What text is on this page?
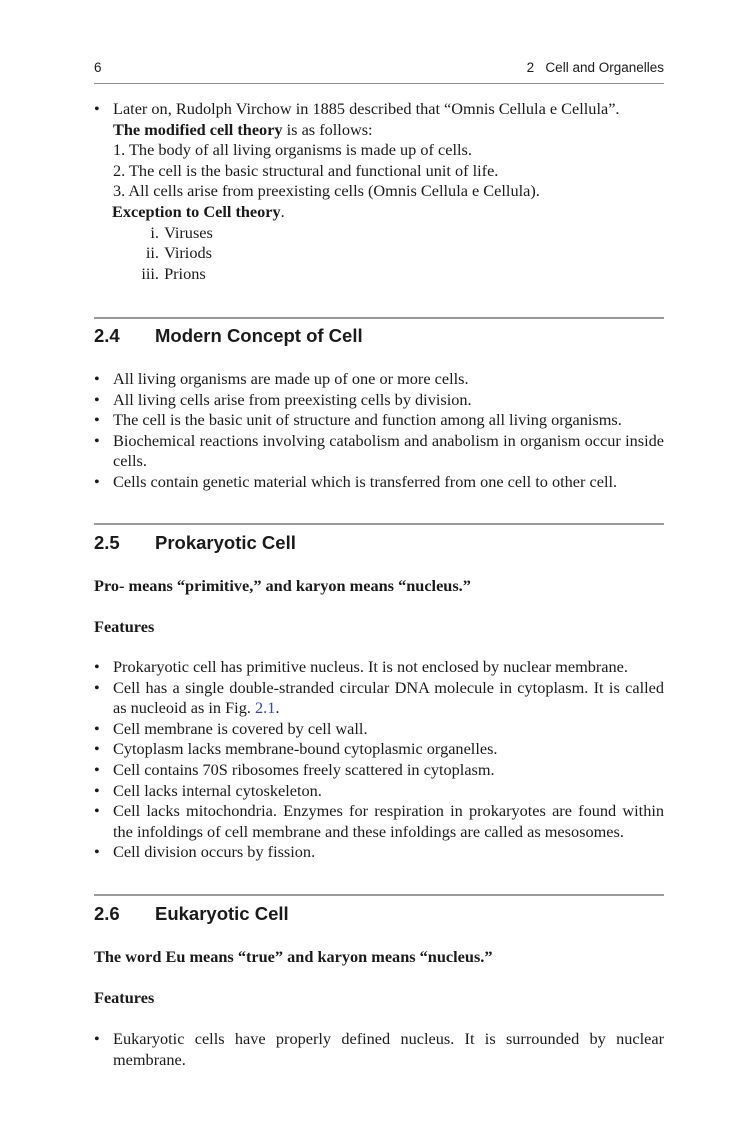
6	2   Cell and Organelles
• Later on, Rudolph Virchow in 1885 described that “Omnis Cellula e Cellula”.
The modified cell theory is as follows:
1. The body of all living organisms is made up of cells.
2. The cell is the basic structural and functional unit of life.
3. All cells arise from preexisting cells (Omnis Cellula e Cellula).
Exception to Cell theory.
i.
Viruses
ii.
Viriods
iii.
Prions
2.4 Modern Concept of Cell
• All living organisms are made up of one or more cells.
• All living cells arise from preexisting cells by division.
• The cell is the basic unit of structure and function among all living organisms.
• Biochemical reactions involving catabolism and anabolism in organism occur inside cells.
• Cells contain genetic material which is transferred from one cell to other cell.
2.5 Prokaryotic Cell
Pro- means “primitive,” and karyon means “nucleus.”
Features
• Prokaryotic cell has primitive nucleus. It is not enclosed by nuclear membrane.
• Cell has a single double-stranded circular DNA molecule in cytoplasm. It is called as nucleoid as in Fig. 2.1.
• Cell membrane is covered by cell wall.
• Cytoplasm lacks membrane-bound cytoplasmic organelles.
• Cell contains 70S ribosomes freely scattered in cytoplasm.
• Cell lacks internal cytoskeleton.
• Cell lacks mitochondria. Enzymes for respiration in prokaryotes are found within the infoldings of cell membrane and these infoldings are called as mesosomes.
• Cell division occurs by fission.
2.6 Eukaryotic Cell
The word Eu means “true” and karyon means “nucleus.”
Features
• Eukaryotic cells have properly defined nucleus. It is surrounded by nuclear membrane.
